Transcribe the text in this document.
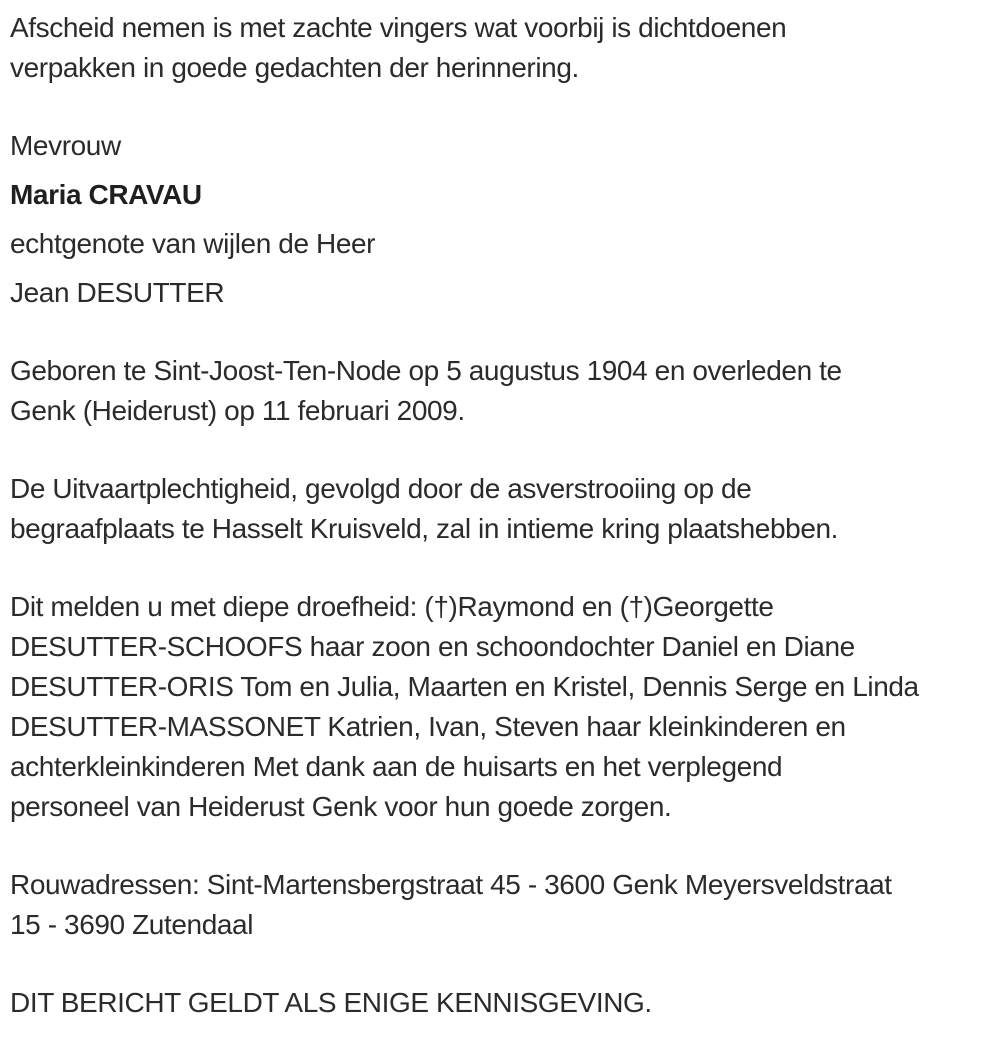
Afscheid nemen is met zachte vingers wat voorbij is dichtdoenen
verpakken in goede gedachten der herinnering.

Mevrouw

Maria CRAVAU

echtgenote van wijlen de Heer

Jean DESUTTER

Geboren te Sint-Joost-Ten-Node op 5 augustus 1904 en overleden te
Genk (Heiderust) op 11 februari 2009.

De Uitvaartplechtigheid, gevolgd door de asverstrooiing op de
begraafplaats te Hasselt Kruisveld, zal in intieme kring plaatshebben.

Dit melden u met diepe droefheid: (†)Raymond en (†)Georgette
DESUTTER-SCHOOFS haar zoon en schoondochter Daniel en Diane
DESUTTER-ORIS Tom en Julia, Maarten en Kristel, Dennis Serge en Linda
DESUTTER-MASSONET Katrien, Ivan, Steven haar kleinkinderen en
achterkleinkinderen Met dank aan de huisarts en het verplegend
personeel van Heiderust Genk voor hun goede zorgen.

Rouwadressen: Sint-Martensbergstraat 45 - 3600 Genk Meyersveldstraat
15 - 3690 Zutendaal

DIT BERICHT GELDT ALS ENIGE KENNISGEVING.
